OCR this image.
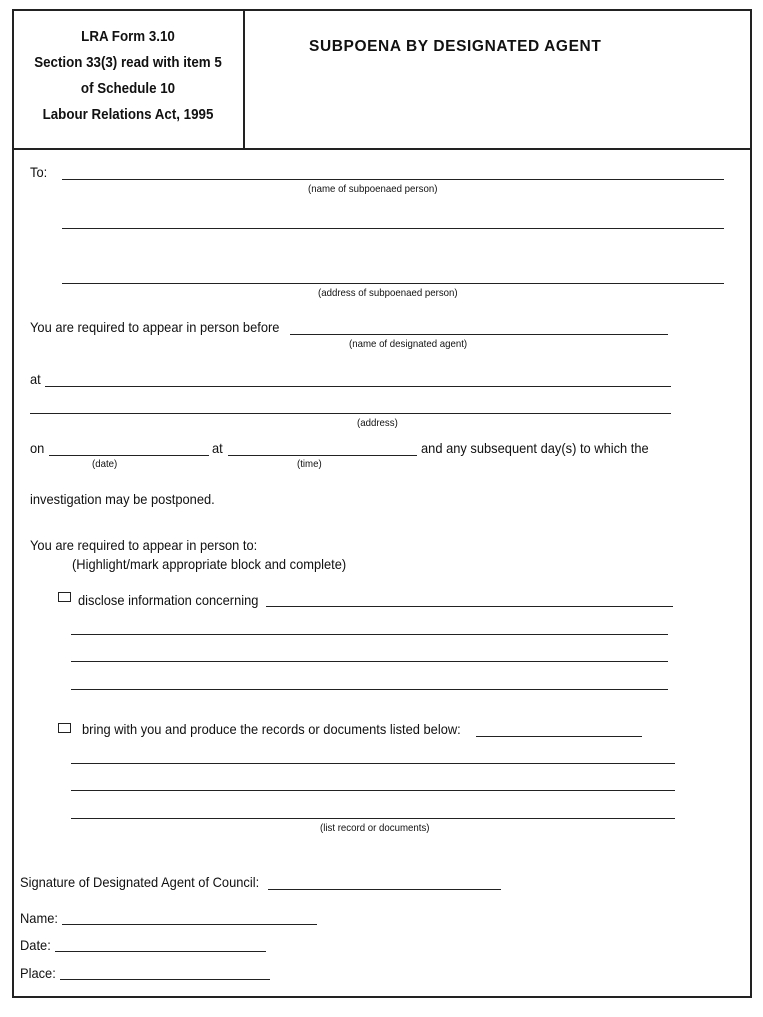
LRA Form 3.10
Section 33(3) read with item 5
of Schedule 10
Labour Relations Act, 1995
SUBPOENA BY DESIGNATED AGENT
To:
(name of subpoenaed person)
(address of subpoenaed person)
You are required to appear in person before
(name of designated agent)
at
(address)
on	at	and any subsequent day(s) to which the
(date)	(time)
investigation may be postponed.
You are required to appear in person to:
(Highlight/mark appropriate block and complete)
disclose information concerning
bring with you and produce the records or documents listed below:
(list record or documents)
Signature of Designated Agent of Council:
Name:
Date:
Place:
